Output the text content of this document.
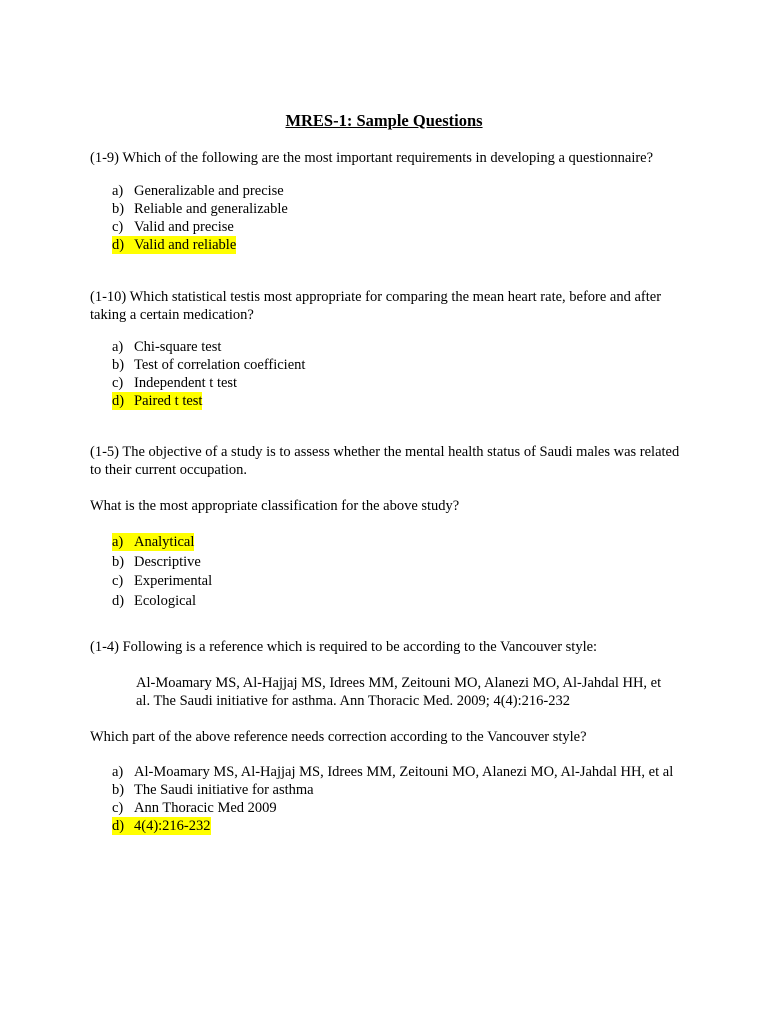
MRES-1: Sample Questions
(1-9) Which of the following are the most important requirements in developing a questionnaire?
a) Generalizable and precise
b) Reliable and generalizable
c) Valid and precise
d) Valid and reliable
(1-10) Which statistical testis most appropriate for comparing the mean heart rate, before and after taking a certain medication?
a) Chi-square test
b) Test of correlation coefficient
c) Independent t test
d) Paired t test
(1-5) The objective of a study is to assess whether the mental health status of Saudi males was related to their current occupation.
What is the most appropriate classification for the above study?
a) Analytical
b) Descriptive
c) Experimental
d) Ecological
(1-4) Following is a reference which is required to be according to the Vancouver style:
Al-Moamary MS, Al-Hajjaj MS, Idrees MM, Zeitouni MO, Alanezi MO, Al-Jahdal HH, et al. The Saudi initiative for asthma. Ann Thoracic Med. 2009; 4(4):216-232
Which part of the above reference needs correction according to the Vancouver style?
a) Al-Moamary MS, Al-Hajjaj MS, Idrees MM, Zeitouni MO, Alanezi MO, Al-Jahdal HH, et al
b) The Saudi initiative for asthma
c) Ann Thoracic Med 2009
d) 4(4):216-232
